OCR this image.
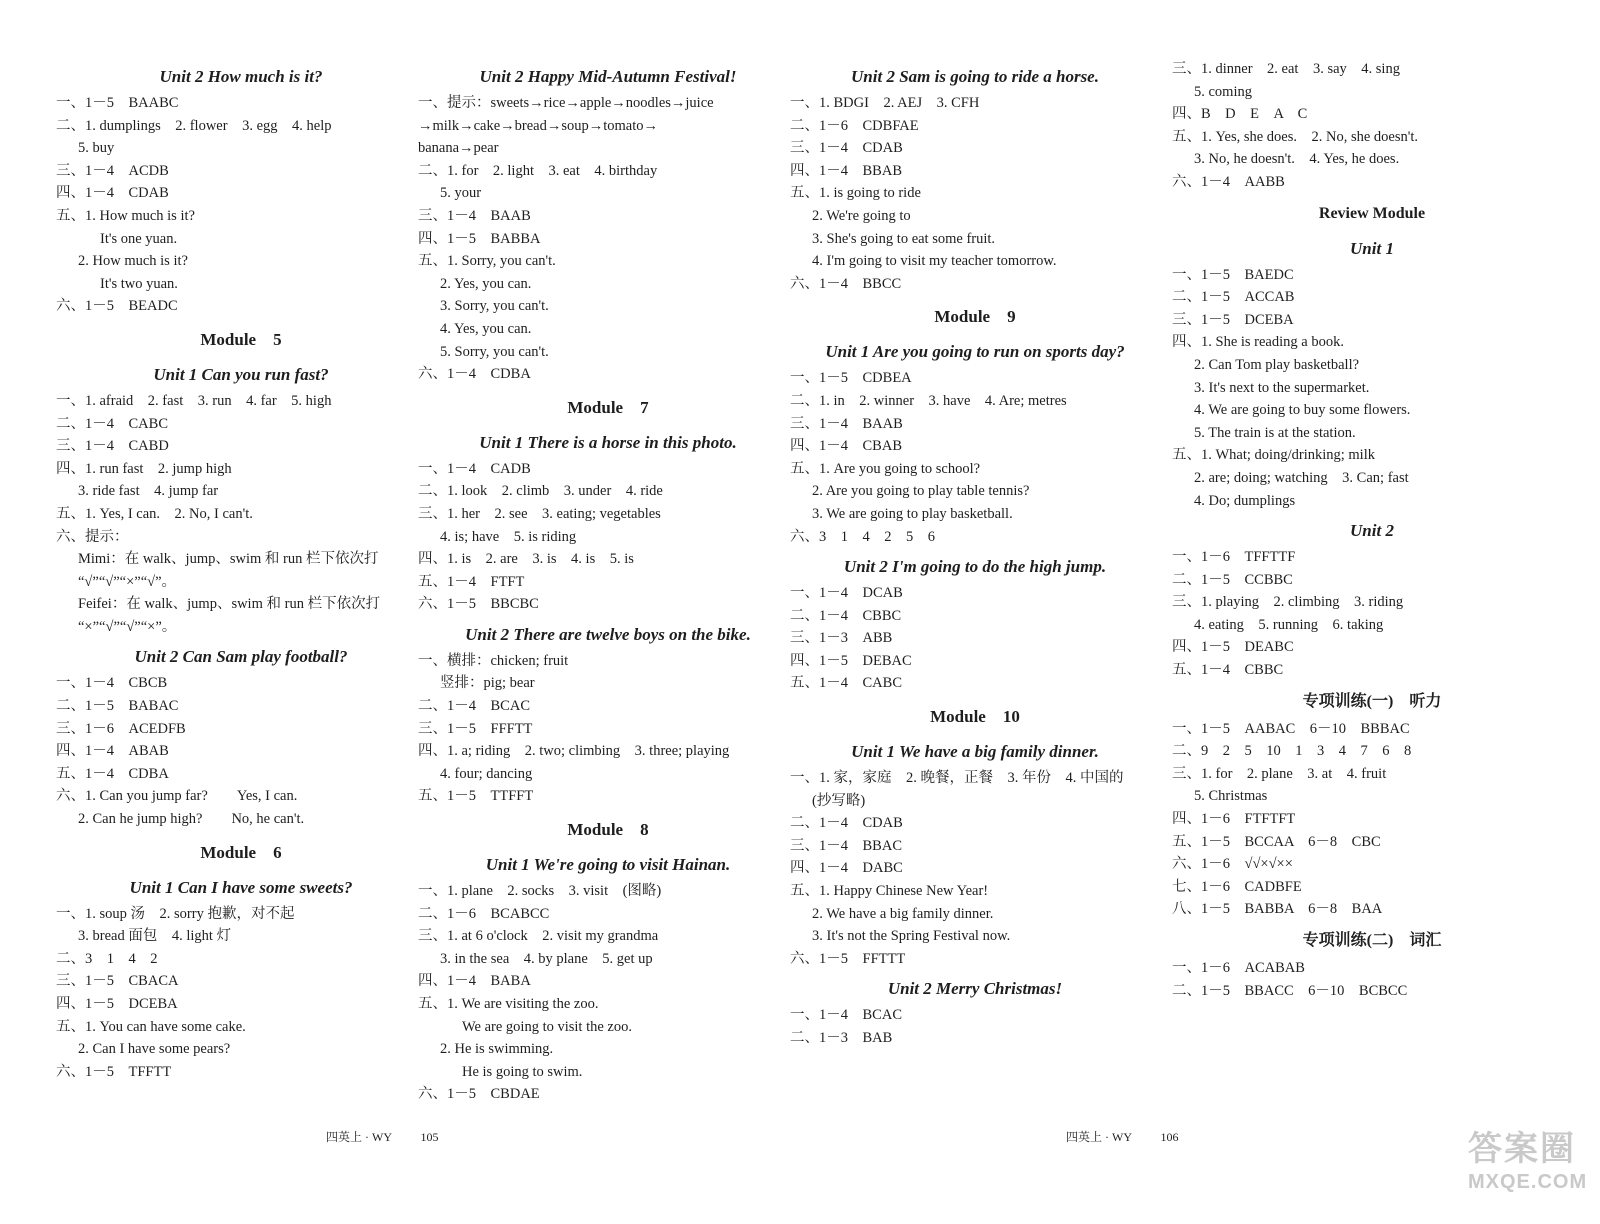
Unit 2 How much is it?
一、1－5　BAABC
二、1. dumplings　2. flower　3. egg　4. help
5. buy
三、1－4　ACDB
四、1－4　CDAB
五、1. How much is it?
It's one yuan.
2. How much is it?
It's two yuan.
六、1－5　BEADC
Module　5
Unit 1 Can you run fast?
一、1. afraid　2. fast　3. run　4. far　5. high
二、1－4　CABC
三、1－4　CABD
四、1. run fast　2. jump high
3. ride fast　4. jump far
五、1. Yes, I can.　2. No, I can't.
六、提示：
Mimi：在 walk、jump、swim 和 run 栏下依次打
“√”“√”“×”“√”。
Feifei：在 walk、jump、swim 和 run 栏下依次打
“×”“√”“√”“×”。
Unit 2 Can Sam play football?
一、1－4　CBCB
二、1－5　BABAC
三、1－6　ACEDFB
四、1－4　ABAB
五、1－4　CDBA
六、1. Can you jump far?　　Yes, I can.
2. Can he jump high?　　No, he can't.
Module　6
Unit 1 Can I have some sweets?
一、1. soup 汤　2. sorry 抱歉，对不起
3. bread 面包　4. light 灯
二、3　1　4　2
三、1－5　CBACA
四、1－5　DCEBA
五、1. You can have some cake.
2. Can I have some pears?
六、1－5　TFFTT
Unit 2 Happy Mid-Autumn Festival!
一、提示：sweets→rice→apple→noodles→juice
→milk→cake→bread→soup→tomato→
banana→pear
二、1. for　2. light　3. eat　4. birthday
5. your
三、1－4　BAAB
四、1－5　BABBA
五、1. Sorry, you can't.
2. Yes, you can.
3. Sorry, you can't.
4. Yes, you can.
5. Sorry, you can't.
六、1－4　CDBA
Module　7
Unit 1 There is a horse in this photo.
一、1－4　CADB
二、1. look　2. climb　3. under　4. ride
三、1. her　2. see　3. eating; vegetables
4. is; have　5. is riding
四、1. is　2. are　3. is　4. is　5. is
五、1－4　FTFT
六、1－5　BBCBC
Unit 2 There are twelve boys on the bike.
一、横排：chicken; fruit
竖排：pig; bear
二、1－4　BCAC
三、1－5　FFFTT
四、1. a; riding　2. two; climbing　3. three; playing
4. four; dancing
五、1－5　TTFFT
Module　8
Unit 1 We're going to visit Hainan.
一、1. plane　2. socks　3. visit　(图略)
二、1－6　BCABCC
三、1. at 6 o'clock　2. visit my grandma
3. in the sea　4. by plane　5. get up
四、1－4　BABA
五、1. We are visiting the zoo.
We are going to visit the zoo.
2. He is swimming.
He is going to swim.
六、1－5　CBDAE
Unit 2 Sam is going to ride a horse.
一、1. BDGI　2. AEJ　3. CFH
二、1－6　CDBFAE
三、1－4　CDAB
四、1－4　BBAB
五、1. is going to ride
2. We're going to
3. She's going to eat some fruit.
4. I'm going to visit my teacher tomorrow.
六、1－4　BBCC
Module　9
Unit 1 Are you going to run on sports day?
一、1－5　CDBEA
二、1. in　2. winner　3. have　4. Are; metres
三、1－4　BAAB
四、1－4　CBAB
五、1. Are you going to school?
2. Are you going to play table tennis?
3. We are going to play basketball.
六、3　1　4　2　5　6
Unit 2 I'm going to do the high jump.
一、1－4　DCAB
二、1－4　CBBC
三、1－3　ABB
四、1－5　DEBAC
五、1－4　CABC
Module　10
Unit 1 We have a big family dinner.
一、1. 家，家庭　2. 晚餐，正餐　3. 年份　4. 中国的
(抄写略)
二、1－4　CDAB
三、1－4　BBAC
四、1－4　DABC
五、1. Happy Chinese New Year!
2. We have a big family dinner.
3. It's not the Spring Festival now.
六、1－5　FFTTT
Unit 2 Merry Christmas!
一、1－4　BCAC
二、1－3　BAB
三、1. dinner　2. eat　3. say　4. sing
5. coming
四、B　D　E　A　C
五、1. Yes, she does.　2. No, she doesn't.
3. No, he doesn't.　4. Yes, he does.
六、1－4　AABB
Review Module
Unit 1
一、1－5　BAEDC
二、1－5　ACCAB
三、1－5　DCEBA
四、1. She is reading a book.
2. Can Tom play basketball?
3. It's next to the supermarket.
4. We are going to buy some flowers.
5. The train is at the station.
五、1. What; doing/drinking; milk
2. are; doing; watching　3. Can; fast
4. Do; dumplings
Unit 2
一、1－6　TFFTTF
二、1－5　CCBBC
三、1. playing　2. climbing　3. riding
4. eating　5. running　6. taking
四、1－5　DEABC
五、1－4　CBBC
专项训练(一)　听力
一、1－5　AABAC　6－10　BBBAC
二、9　2　5　10　1　3　4　7　6　8
三、1. for　2. plane　3. at　4. fruit
5. Christmas
四、1－6　FTFTFT
五、1－5　BCCAA　6－8　CBC
六、1－6　√√×√××
七、1－6　CADBFE
八、1－5　BABBA　6－8　BAA
专项训练(二)　词汇
一、1－6　ACABAB
二、1－5　BBACC　6－10　BCBCC
四英上 · WY 105	四英上 · WY 106	答案圈
MXQE.COM
